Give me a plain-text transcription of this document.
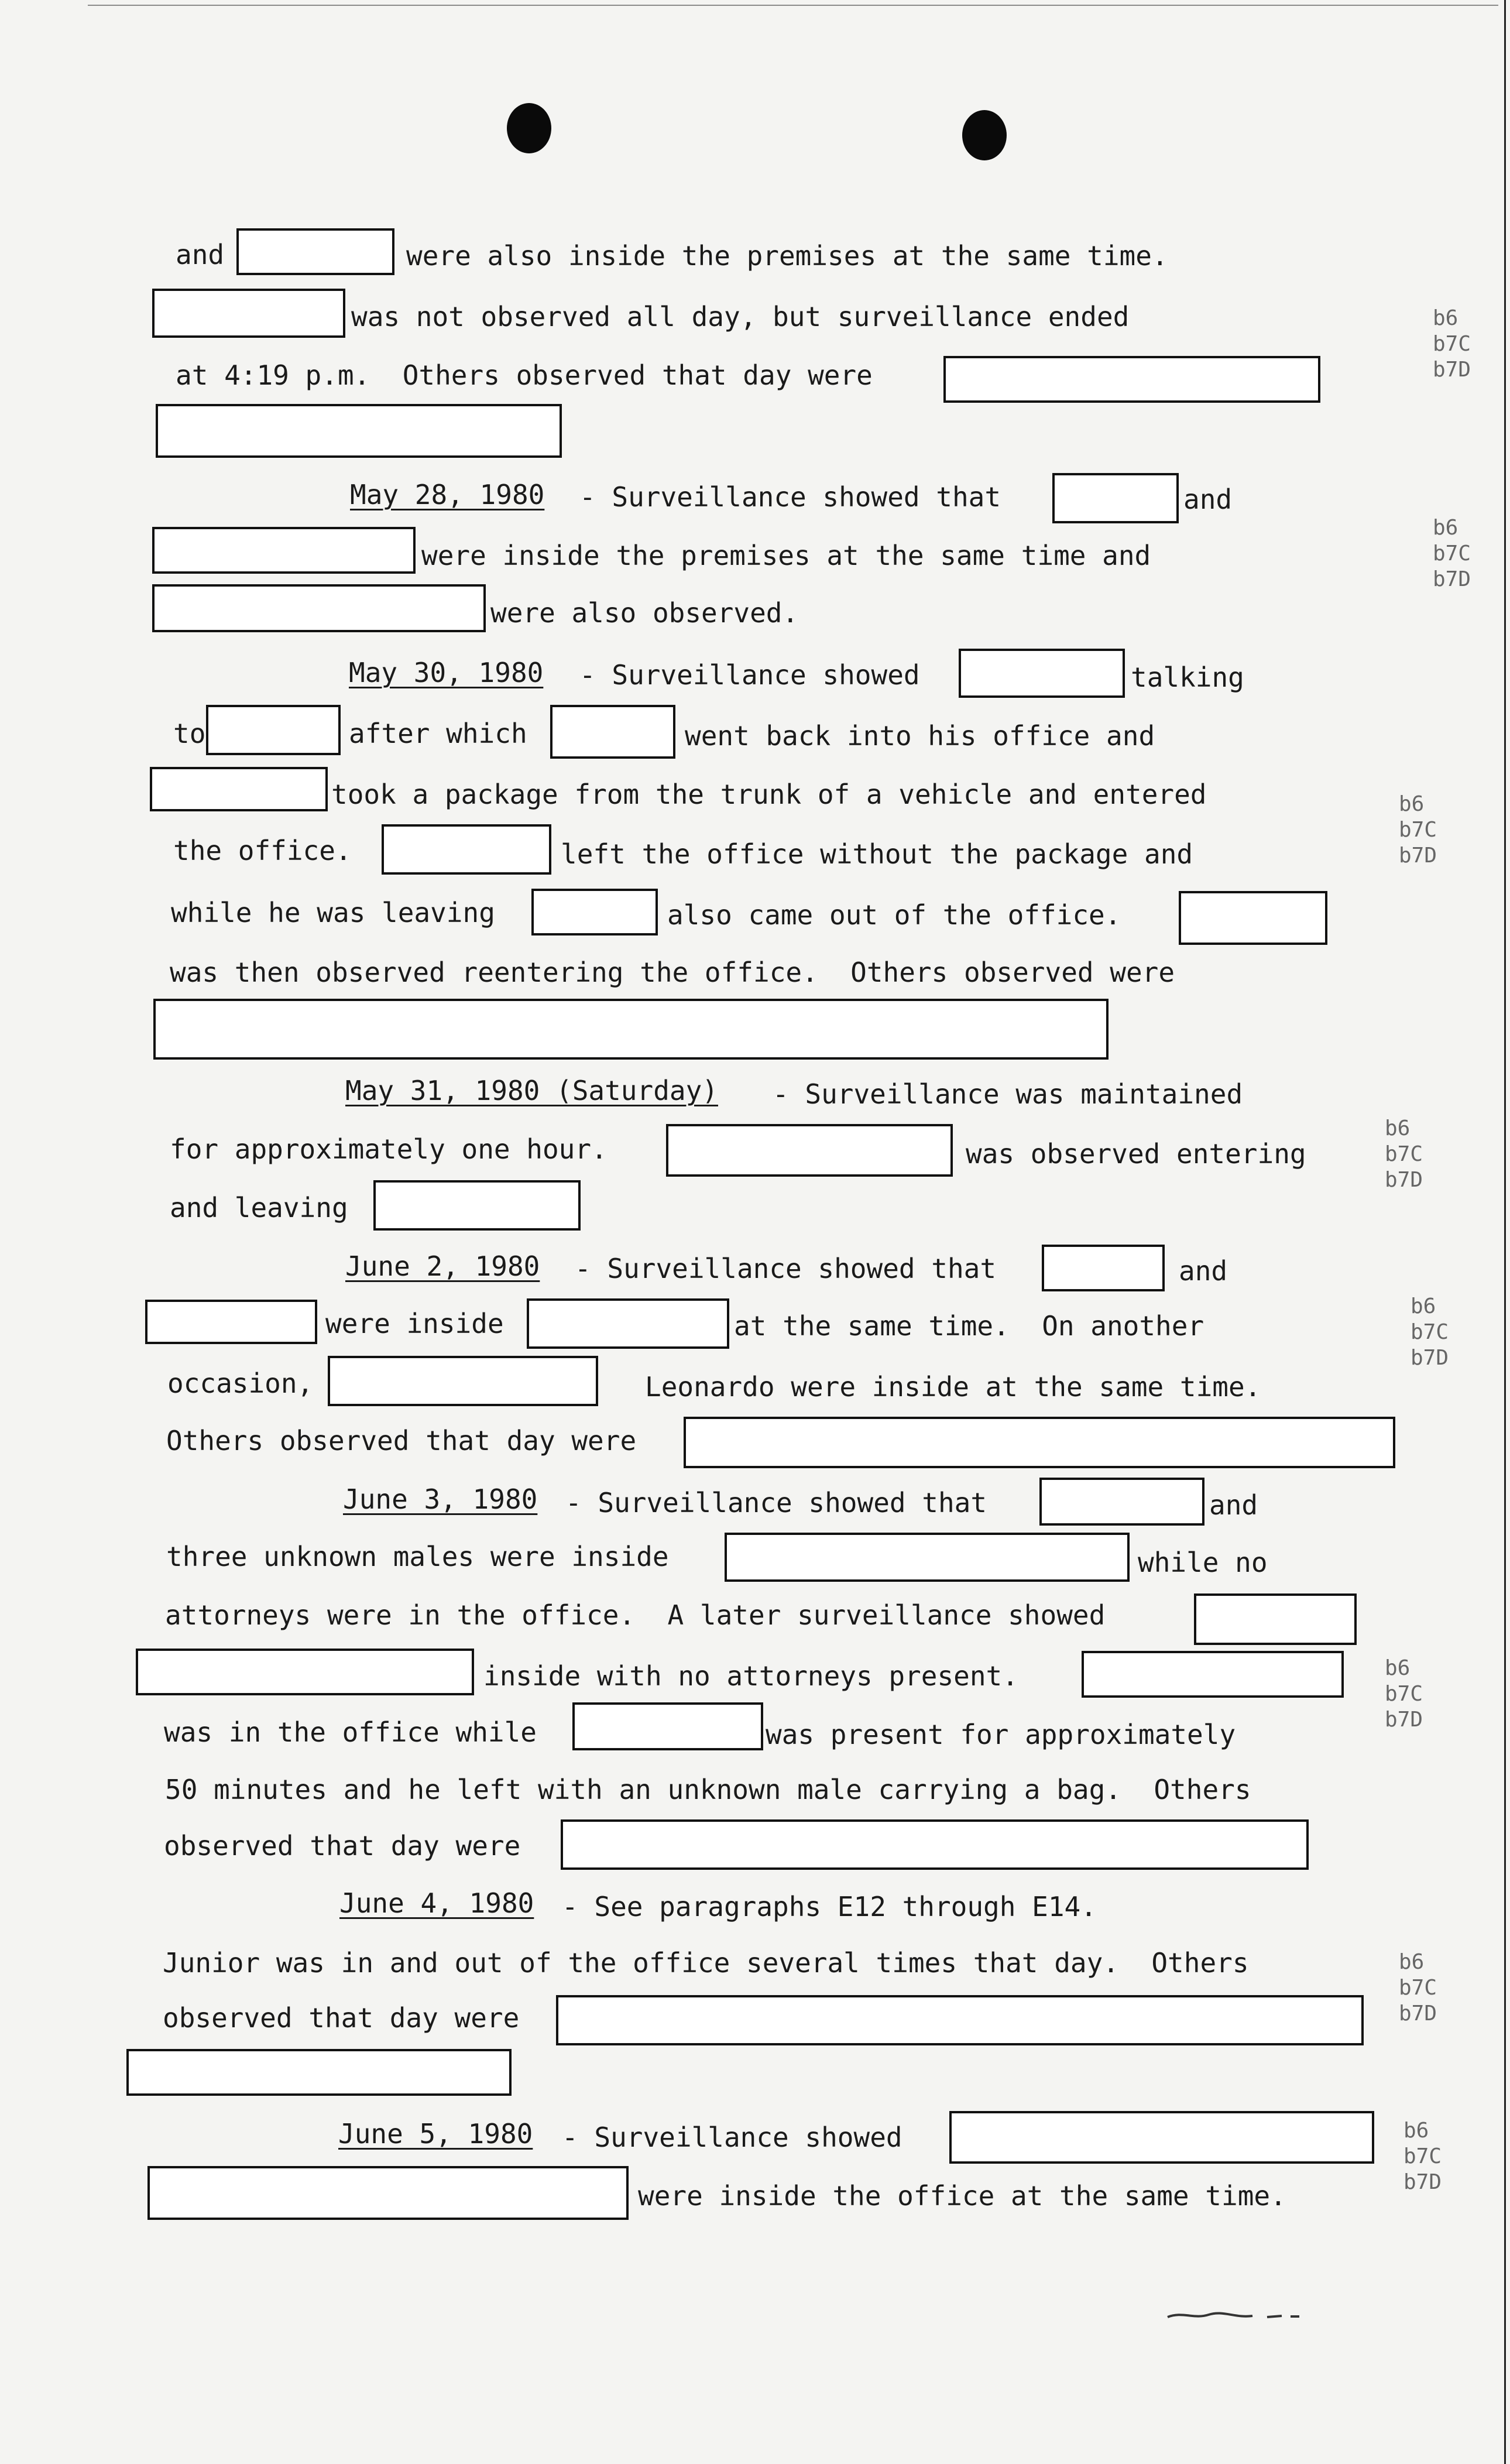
and	were also inside the premises at the same time.
was not observed all day, but surveillance ended
at 4:19 p.m.  Others observed that day were
b6
b7C
b7D
May 28, 1980 - Surveillance showed that	and
were inside the premises at the same time and
were also observed.
b6
b7C
b7D
May 30, 1980 - Surveillance showed	talking
to	after which	went back into his office and
took a package from the trunk of a vehicle and entered
the office.	left the office without the package and
while he was leaving	also came out of the office.
was then observed reentering the office.  Others observed were
b6
b7C
b7D
May 31, 1980 (Saturday) - Surveillance was maintained
for approximately one hour.	was observed entering
and leaving
b6
b7C
b7D
June 2, 1980 - Surveillance showed that	and
were inside	at the same time.  On another
occasion,	Leonardo were inside at the same time.
Others observed that day were
b6
b7C
b7D
June 3, 1980 - Surveillance showed that	and
three unknown males were inside	while no
attorneys were in the office.  A later surveillance showed
inside with no attorneys present.
was in the office while	was present for approximately
50 minutes and he left with an unknown male carrying a bag.  Others
observed that day were
b6
b7C
b7D
June 4, 1980 - See paragraphs E12 through E14.
Junior was in and out of the office several times that day.  Others
observed that day were
b6
b7C
b7D
June 5, 1980 - Surveillance showed
were inside the office at the same time.
b6
b7C
b7D
